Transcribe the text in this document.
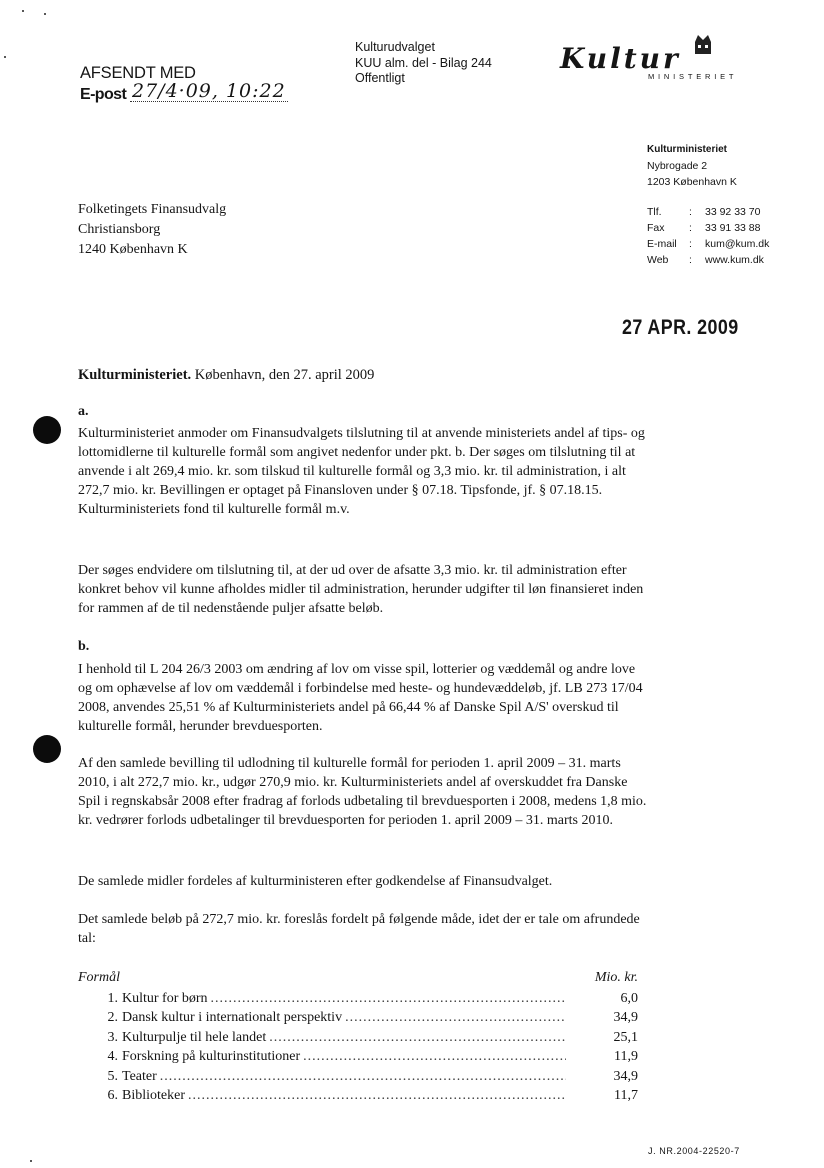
AFSENDT MED
E-post 27/4·09, 10:22
Kulturudvalget
KUU alm. del - Bilag 244
Offentligt
Kultur
MINISTERIET
Kulturministeriet
Nybrogade 2
1203 København K
Tlf.	:	33 92 33 70
Fax	:	33 91 33 88
E-mail	:	kum@kum.dk
Web	:	www.kum.dk
Folketingets Finansudvalg
Christiansborg
1240 København K
27 APR. 2009
Kulturministeriet. København, den 27. april 2009
a.

Kulturministeriet anmoder om Finansudvalgets tilslutning til at anvende ministeriets andel af tips- og lottomidlerne til kulturelle formål som angivet nedenfor under pkt. b. Der søges om tilslutning til at anvende i alt 269,4 mio. kr. som tilskud til kulturelle formål og 3,3 mio. kr. til administration, i alt 272,7 mio. kr. Bevillingen er optaget på Finansloven under § 07.18. Tipsfonde, jf. § 07.18.15. Kulturministeriets fond til kulturelle formål m.v.

Der søges endvidere om tilslutning til, at der ud over de afsatte 3,3 mio. kr. til administration efter konkret behov vil kunne afholdes midler til administration, herunder udgifter til løn finansieret inden for rammen af de til nedenstående puljer afsatte beløb.

b.

I henhold til L 204 26/3 2003 om ændring af lov om visse spil, lotterier og væddemål og andre love og om ophævelse af lov om væddemål i forbindelse med heste- og hundevæddeløb, jf. LB 273 17/04 2008, anvendes 25,51 % af Kulturministeriets andel på 66,44 % af Danske Spil A/S' overskud til kulturelle formål, herunder brevduesporten.

Af den samlede bevilling til udlodning til kulturelle formål for perioden 1. april 2009 – 31. marts 2010, i alt 272,7 mio. kr., udgør 270,9 mio. kr. Kulturministeriets andel af overskuddet fra Danske Spil i regnskabsår 2008 efter fradrag af forlods udbetaling til brevduesporten i 2008, medens 1,8 mio. kr. vedrører forlods udbetalinger til brevduesporten for perioden 1. april 2009 – 31. marts 2010.

De samlede midler fordeles af kulturministeren efter godkendelse af Finansudvalget.

Det samlede beløb på 272,7 mio. kr. foreslås fordelt på følgende måde, idet der er tale om afrundede tal:

Formål	Mio. kr.
1. Kultur for børn .....	6,0
2. Dansk kultur i internationalt perspektiv .....	34,9
3. Kulturpulje til hele landet .....	25,1
4. Forskning på kulturinstitutioner .....	11,9
5. Teater .....	34,9
6. Biblioteker .....	11,7
J. NR.2004-22520-7
